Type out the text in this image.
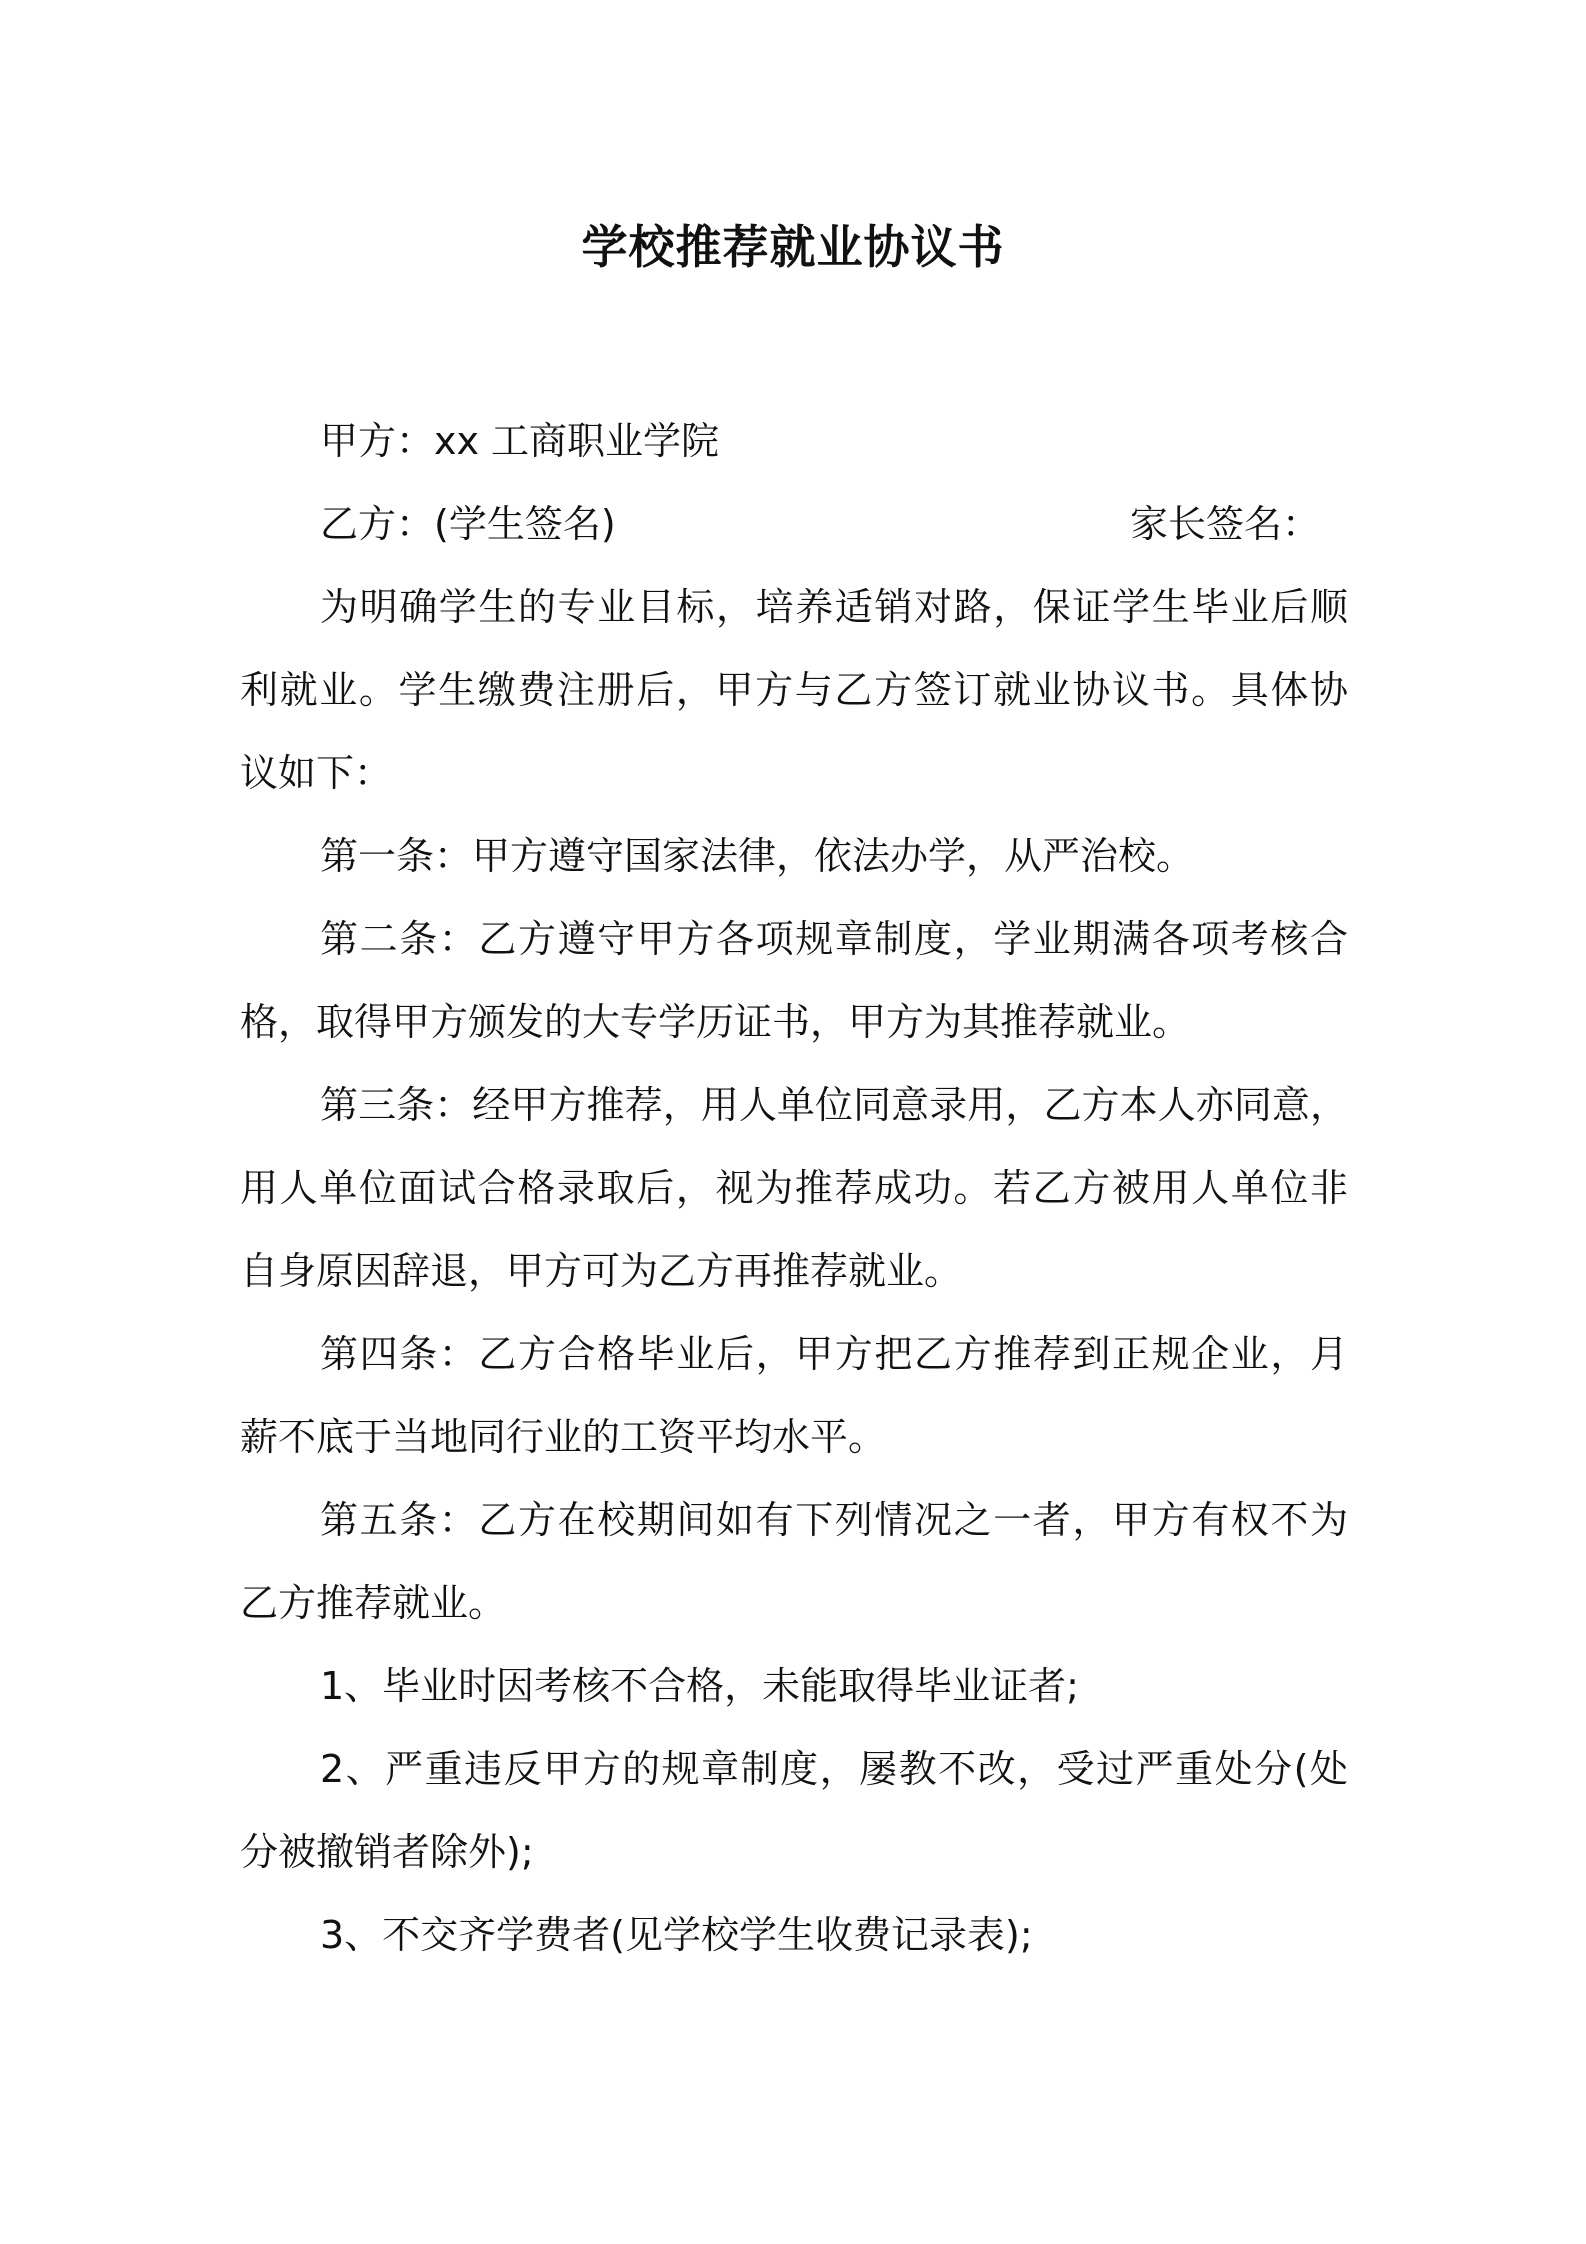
学校推荐就业协议书
甲方：xx 工商职业学院
乙方：(学生签名)	家长签名：
为明确学生的专业目标，培养适销对路，保证学生毕业后顺
利就业。学生缴费注册后，甲方与乙方签订就业协议书。具体协
议如下：
第一条：甲方遵守国家法律，依法办学，从严治校。
第二条：乙方遵守甲方各项规章制度，学业期满各项考核合
格，取得甲方颁发的大专学历证书，甲方为其推荐就业。
第三条：经甲方推荐，用人单位同意录用，乙方本人亦同意，
用人单位面试合格录取后，视为推荐成功。若乙方被用人单位非
自身原因辞退，甲方可为乙方再推荐就业。
第四条：乙方合格毕业后，甲方把乙方推荐到正规企业，月
薪不底于当地同行业的工资平均水平。
第五条：乙方在校期间如有下列情况之一者，甲方有权不为
乙方推荐就业。
1、毕业时因考核不合格，未能取得毕业证者;
2、严重违反甲方的规章制度，屡教不改，受过严重处分(处
分被撤销者除外);
3、不交齐学费者(见学校学生收费记录表);
